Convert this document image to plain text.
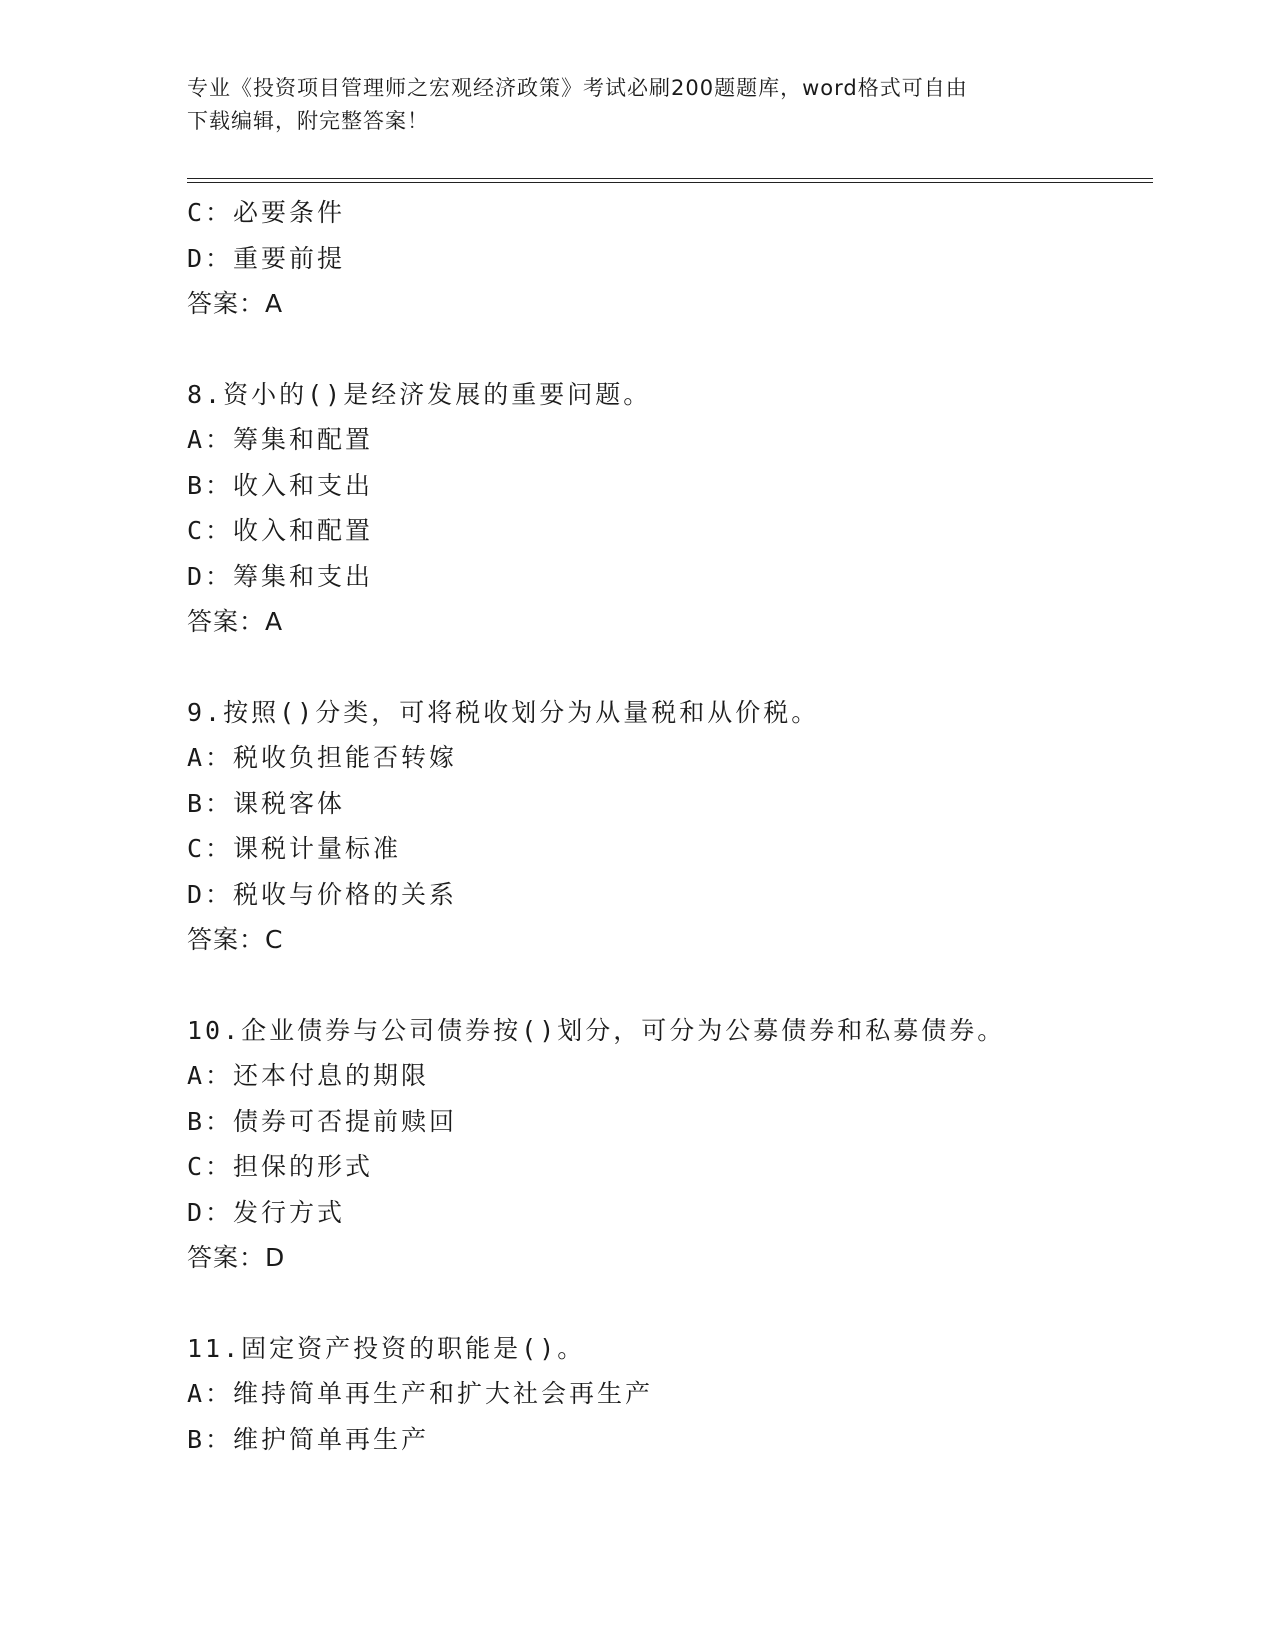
专业《投资项目管理师之宏观经济政策》考试必刷200题题库，word格式可自由

下载编辑，附完整答案！

C：必要条件
D：重要前提
答案：A
8.资小的()是经济发展的重要问题。
A：筹集和配置
B：收入和支出
C：收入和配置
D：筹集和支出
答案：A
9.按照()分类，可将税收划分为从量税和从价税。
A：税收负担能否转嫁
B：课税客体
C：课税计量标准
D：税收与价格的关系
答案：C
10.企业债券与公司债券按()划分，可分为公募债券和私募债券。
A：还本付息的期限
B：债券可否提前赎回
C：担保的形式
D：发行方式
答案：D
11.固定资产投资的职能是()。
A：维持简单再生产和扩大社会再生产
B：维护简单再生产
